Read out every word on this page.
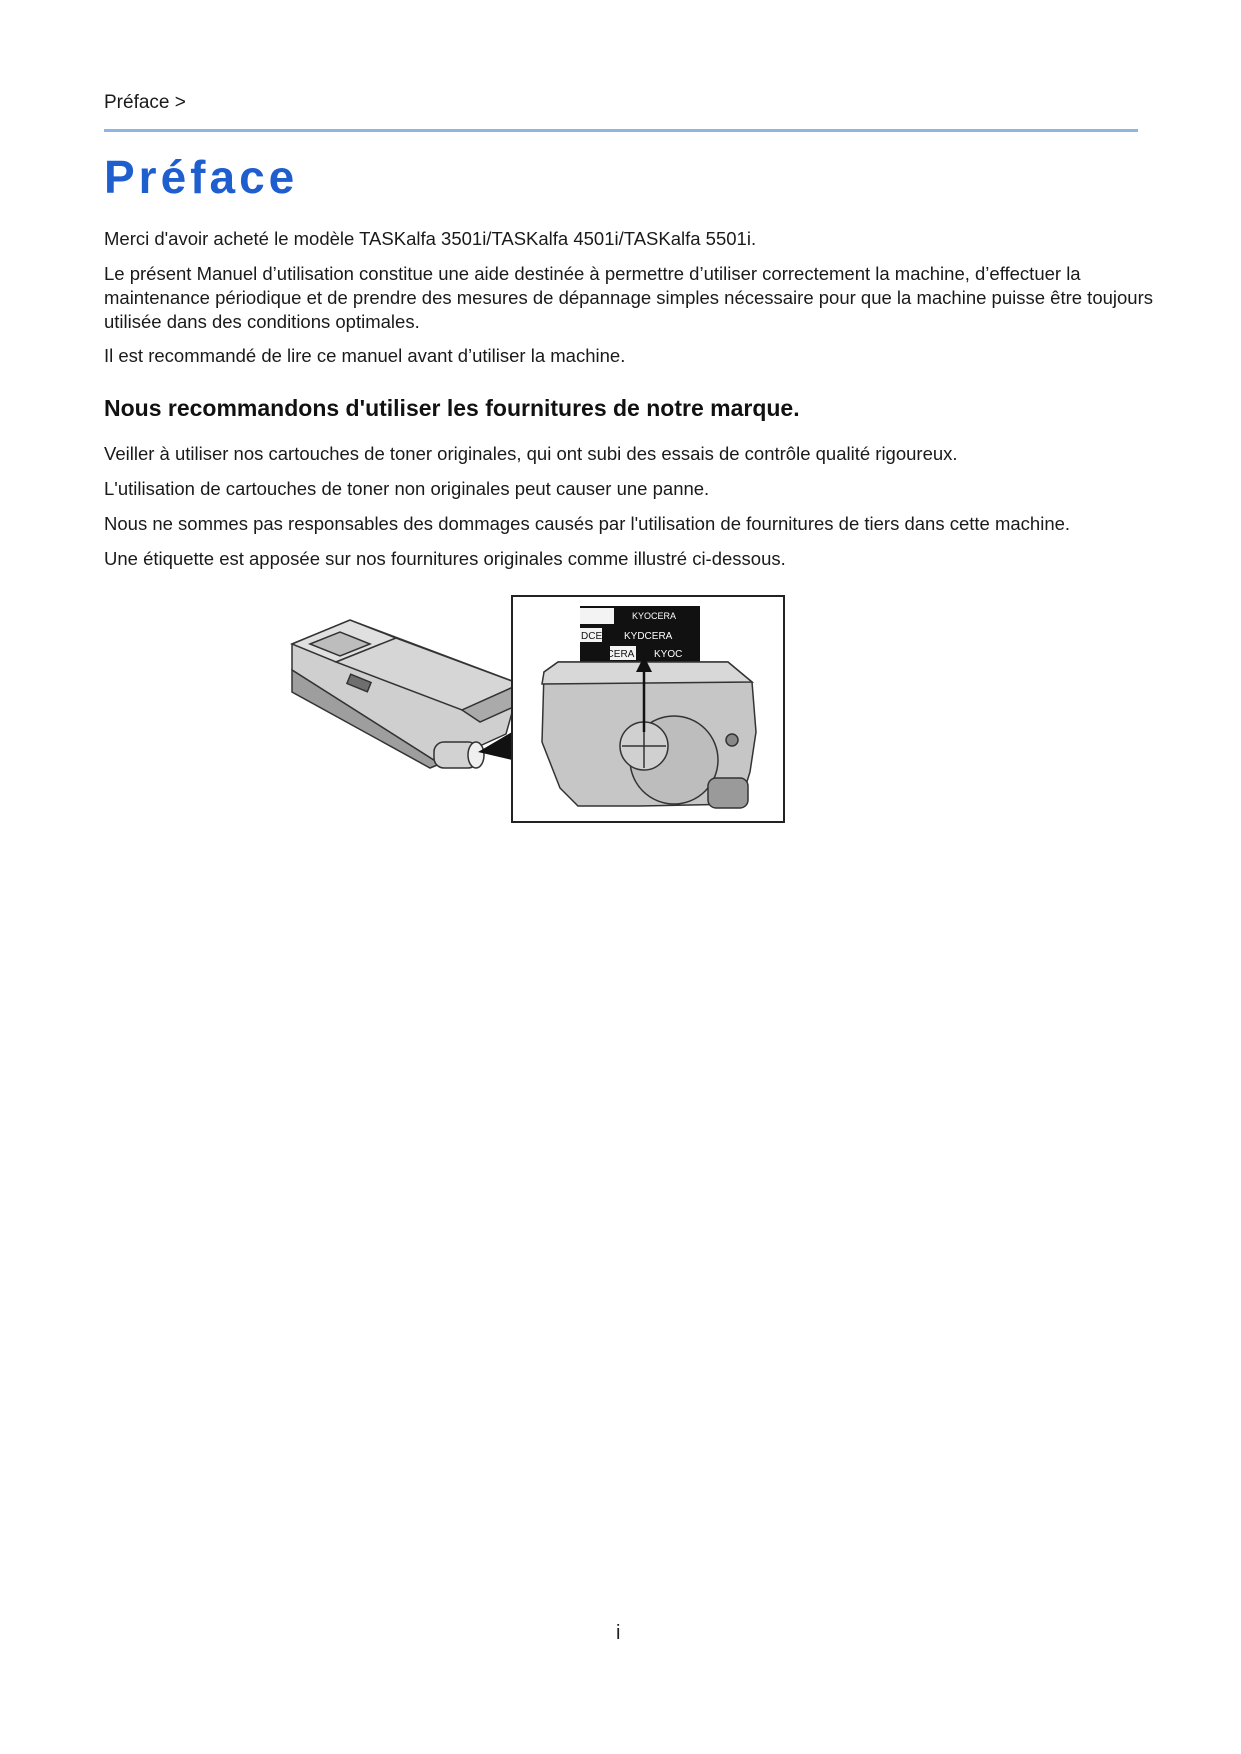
Préface >
Préface

Merci d'avoir acheté le modèle TASKalfa 3501i/TASKalfa 4501i/TASKalfa 5501i.

Le présent Manuel d’utilisation constitue une aide destinée à permettre d’utiliser correctement la machine, d’effectuer la maintenance périodique et de prendre des mesures de dépannage simples nécessaire pour que la machine puisse être toujours utilisée dans des conditions optimales.

Il est recommandé de lire ce manuel avant d’utiliser la machine.

Nous recommandons d'utiliser les fournitures de notre marque.

Veiller à utiliser nos cartouches de toner originales, qui ont subi des essais de contrôle qualité rigoureux.

L'utilisation de cartouches de toner non originales peut causer une panne.

Nous ne sommes pas responsables des dommages causés par l'utilisation de fournitures de tiers dans cette machine.

Une étiquette est apposée sur nos fournitures originales comme illustré ci-dessous.

KYOCERA
DCERa KYDCERA
KYDCERA KYOC
i
